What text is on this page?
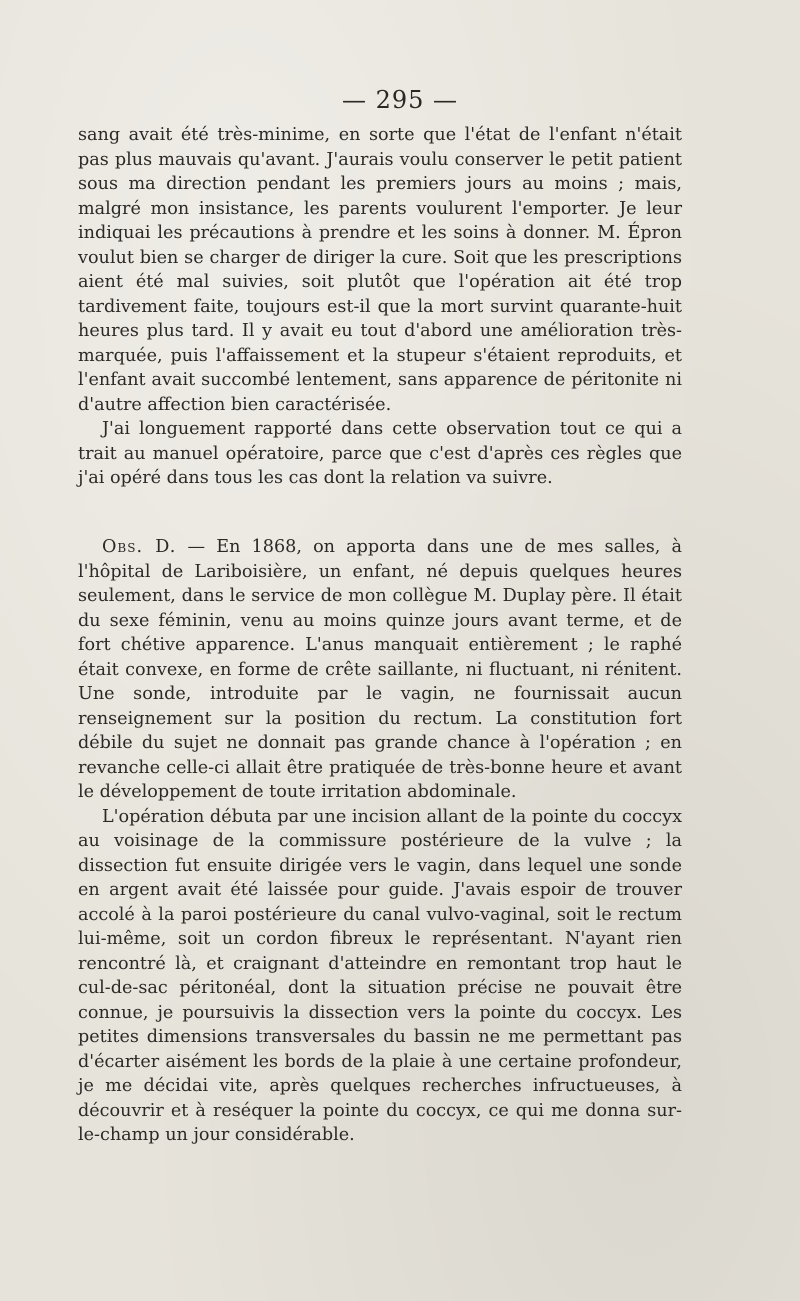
— 295 —

sang avait été très-minime, en sorte que l'état de l'enfant n'était pas plus mauvais qu'avant. J'aurais voulu conserver le petit patient sous ma direction pendant les premiers jours au moins ; mais, malgré mon insistance, les parents voulurent l'emporter. Je leur indiquai les précautions à prendre et les soins à donner. M. Épron voulut bien se charger de diriger la cure. Soit que les prescriptions aient été mal suivies, soit plutôt que l'opération ait été trop tardivement faite, toujours est-il que la mort survint quarante-huit heures plus tard. Il y avait eu tout d'abord une amélioration très-marquée, puis l'affaissement et la stupeur s'étaient reproduits, et l'enfant avait succombé lentement, sans apparence de péritonite ni d'autre affection bien caractérisée.

J'ai longuement rapporté dans cette observation tout ce qui a trait au manuel opératoire, parce que c'est d'après ces règles que j'ai opéré dans tous les cas dont la relation va suivre.

Obs. D. — En 1868, on apporta dans une de mes salles, à l'hôpital de Lariboisière, un enfant, né depuis quelques heures seulement, dans le service de mon collègue M. Duplay père. Il était du sexe féminin, venu au moins quinze jours avant terme, et de fort chétive apparence. L'anus manquait entièrement ; le raphé était convexe, en forme de crête saillante, ni fluctuant, ni rénitent. Une sonde, introduite par le vagin, ne fournissait aucun renseignement sur la position du rectum. La constitution fort débile du sujet ne donnait pas grande chance à l'opération ; en revanche celle-ci allait être pratiquée de très-bonne heure et avant le développement de toute irritation abdominale.

L'opération débuta par une incision allant de la pointe du coccyx au voisinage de la commissure postérieure de la vulve ; la dissection fut ensuite dirigée vers le vagin, dans lequel une sonde en argent avait été laissée pour guide. J'avais espoir de trouver accolé à la paroi postérieure du canal vulvo-vaginal, soit le rectum lui-même, soit un cordon fibreux le représentant. N'ayant rien rencontré là, et craignant d'atteindre en remontant trop haut le cul-de-sac péritonéal, dont la situation précise ne pouvait être connue, je poursuivis la dissection vers la pointe du coccyx. Les petites dimensions transversales du bassin ne me permettant pas d'écarter aisément les bords de la plaie à une certaine profondeur, je me décidai vite, après quelques recherches infructueuses, à découvrir et à reséquer la pointe du coccyx, ce qui me donna sur-le-champ un jour considérable.
